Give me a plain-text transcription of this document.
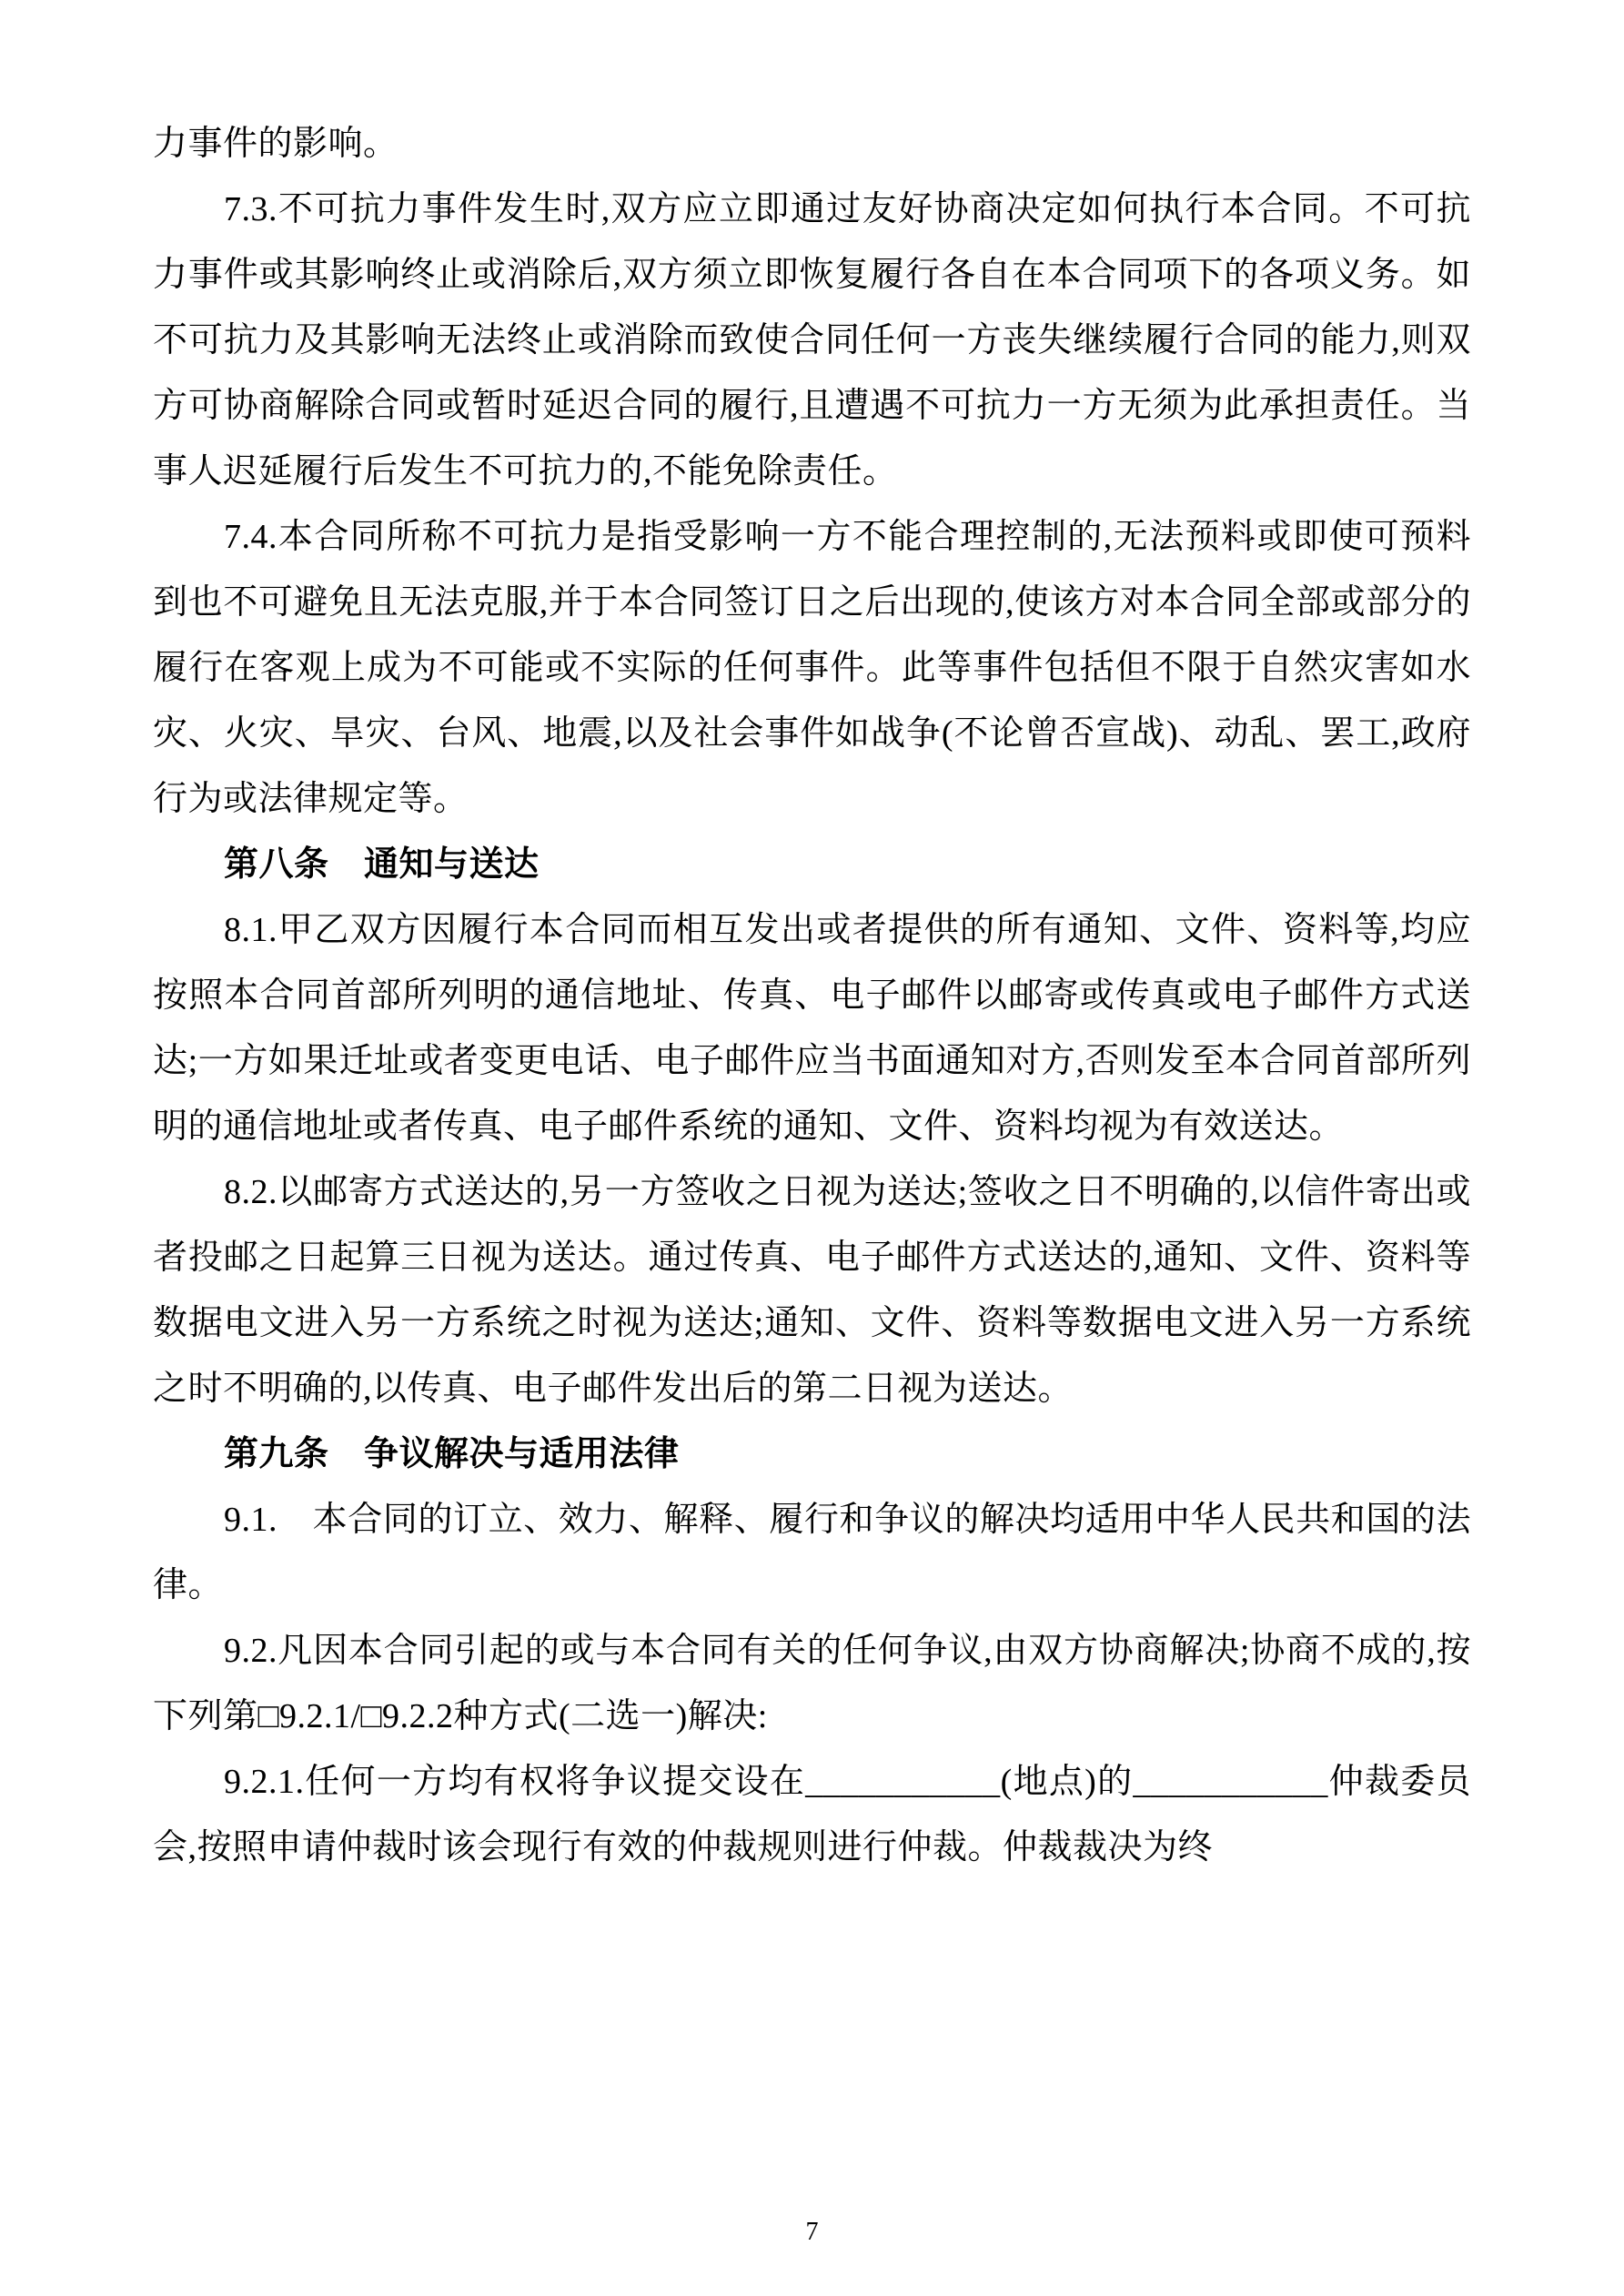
力事件的影响。

7.3.不可抗力事件发生时,双方应立即通过友好协商决定如何执行本合同。不可抗力事件或其影响终止或消除后,双方须立即恢复履行各自在本合同项下的各项义务。如不可抗力及其影响无法终止或消除而致使合同任何一方丧失继续履行合同的能力,则双方可协商解除合同或暂时延迟合同的履行,且遭遇不可抗力一方无须为此承担责任。当事人迟延履行后发生不可抗力的,不能免除责任。

7.4.本合同所称不可抗力是指受影响一方不能合理控制的,无法预料或即使可预料到也不可避免且无法克服,并于本合同签订日之后出现的,使该方对本合同全部或部分的履行在客观上成为不可能或不实际的任何事件。此等事件包括但不限于自然灾害如水灾、火灾、旱灾、台风、地震,以及社会事件如战争(不论曾否宣战)、动乱、罢工,政府行为或法律规定等。

第八条　通知与送达

8.1.甲乙双方因履行本合同而相互发出或者提供的所有通知、文件、资料等,均应按照本合同首部所列明的通信地址、传真、电子邮件以邮寄或传真或电子邮件方式送达;一方如果迁址或者变更电话、电子邮件应当书面通知对方,否则发至本合同首部所列明的通信地址或者传真、电子邮件系统的通知、文件、资料均视为有效送达。

8.2.以邮寄方式送达的,另一方签收之日视为送达;签收之日不明确的,以信件寄出或者投邮之日起算三日视为送达。通过传真、电子邮件方式送达的,通知、文件、资料等数据电文进入另一方系统之时视为送达;通知、文件、资料等数据电文进入另一方系统之时不明确的,以传真、电子邮件发出后的第二日视为送达。

第九条　争议解决与适用法律

9.1.　本合同的订立、效力、解释、履行和争议的解决均适用中华人民共和国的法律。

9.2.凡因本合同引起的或与本合同有关的任何争议,由双方协商解决;协商不成的,按下列第□9.2.1/□9.2.2种方式(二选一)解决:

9.2.1.任何一方均有权将争议提交设在___________(地点)的___________仲裁委员会,按照申请仲裁时该会现行有效的仲裁规则进行仲裁。仲裁裁决为终

7
